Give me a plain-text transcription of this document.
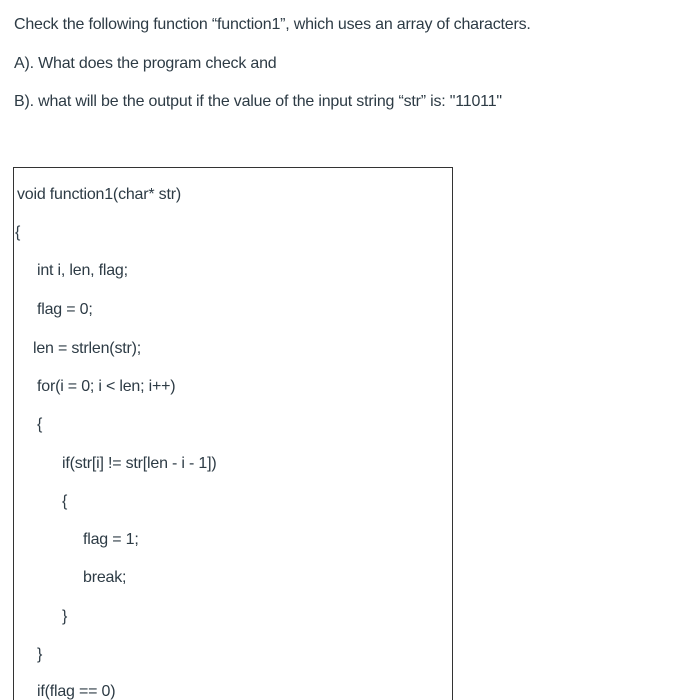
Check the following function “function1”, which uses an array of characters.

A). What does the program check and

B). what will be the output if the value of the input string “str” is: "11011"

void function1(char* str)

{

int i, len, flag;

flag = 0;

len = strlen(str);

for(i = 0; i < len; i++)

{

if(str[i] != str[len - i - 1])

{

flag = 1;

break;

}

}

if(flag == 0)
